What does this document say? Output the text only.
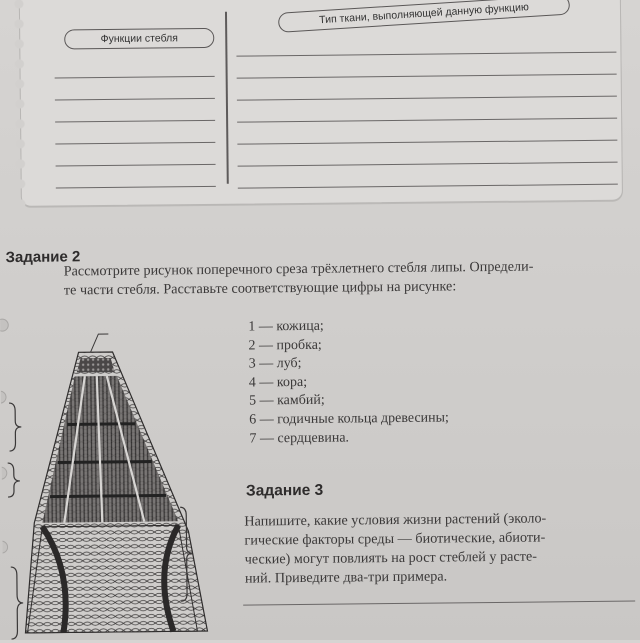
Функции стебля
Тип ткани, выполняющей данную функцию
Задание 2
Рассмотрите рисунок поперечного среза трёхлетнего стебля липы. Определи-
те части стебля. Расставьте соответствующие цифры на рисунке:
1 — кожица;
2 — пробка;
3 — луб;
4 — кора;
5 — камбий;
6 — годичные кольца древесины;
7 — сердцевина.
Задание 3
Напишите, какие условия жизни растений (эколо-
гические факторы среды — биотические, абиоти-
ческие) могут повлиять на рост стеблей у расте-
ний. Приведите два-три примера.
